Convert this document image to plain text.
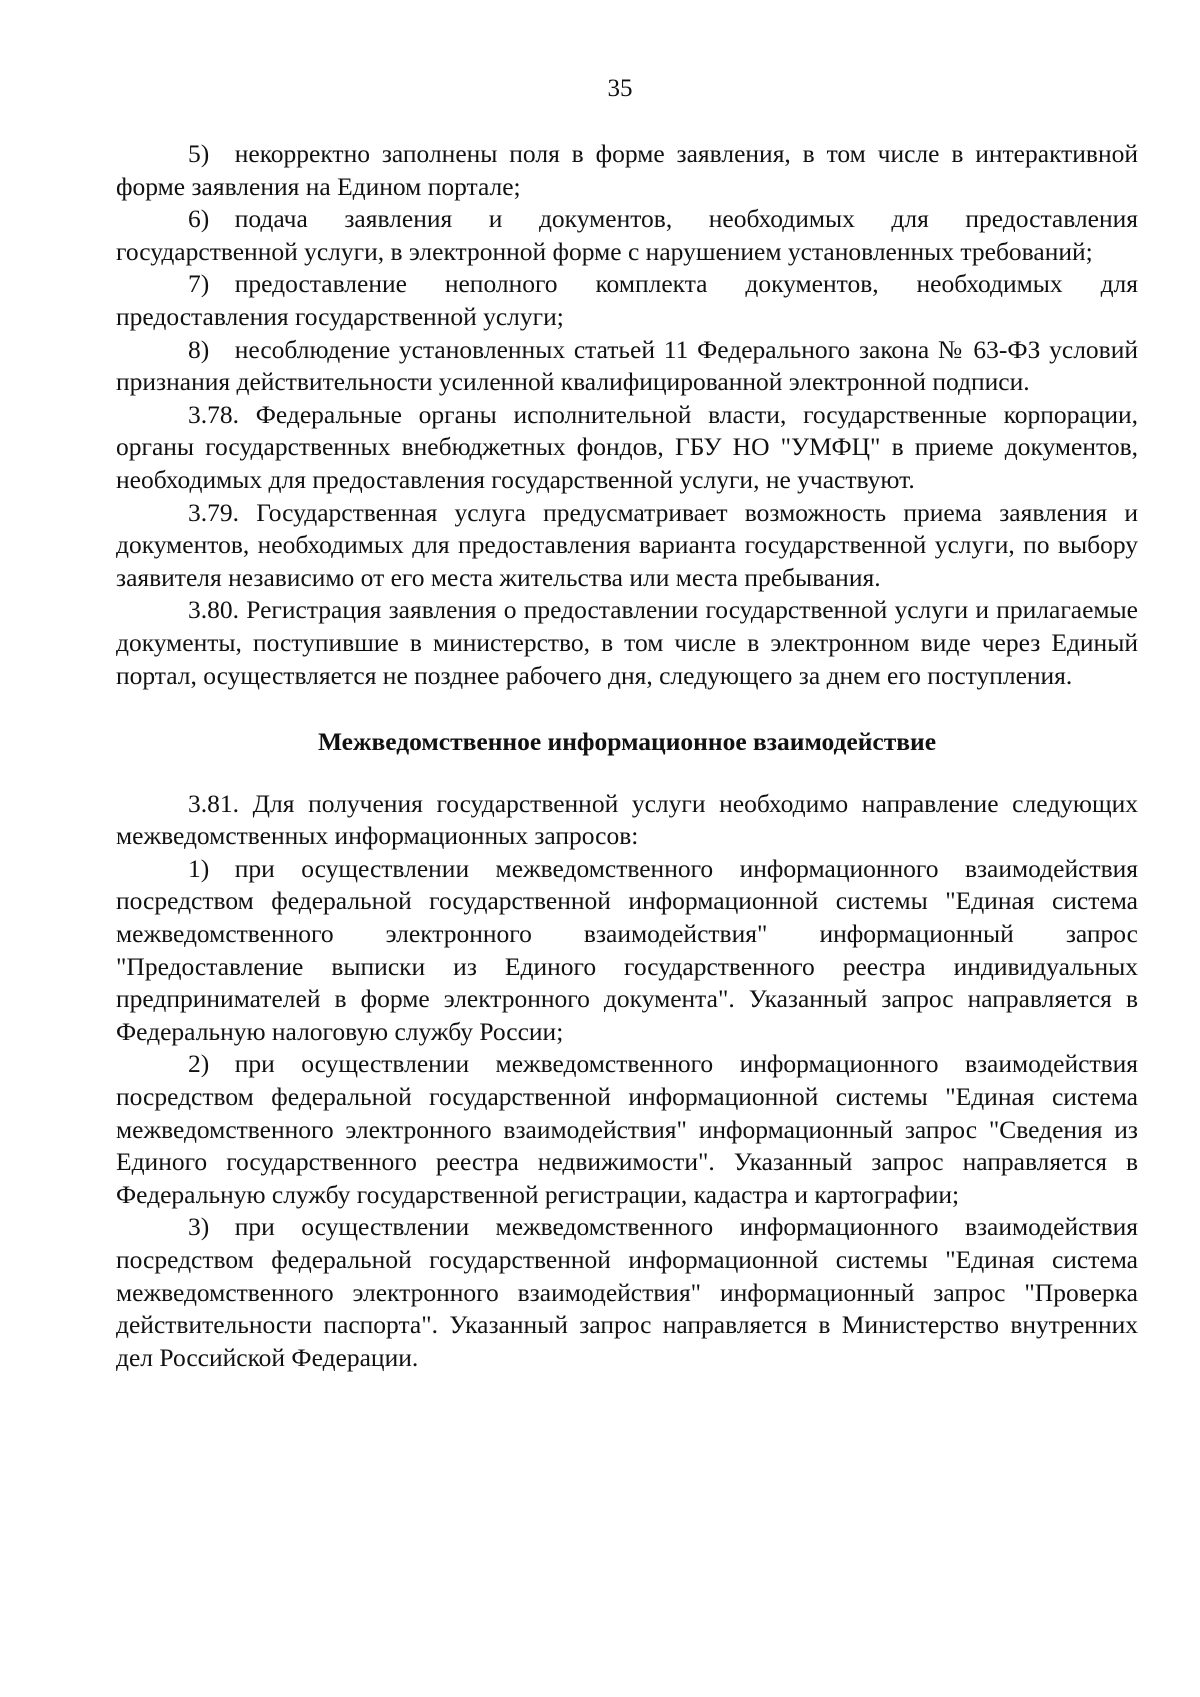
35

5) некорректно заполнены поля в форме заявления, в том числе в интерактивной форме заявления на Едином портале;

6) подача заявления и документов, необходимых для предоставления государственной услуги, в электронной форме с нарушением установленных требований;

7) предоставление неполного комплекта документов, необходимых для предоставления государственной услуги;

8) несоблюдение установленных статьей 11 Федерального закона № 63-ФЗ условий признания действительности усиленной квалифицированной электронной подписи.

3.78. Федеральные органы исполнительной власти, государственные корпорации, органы государственных внебюджетных фондов, ГБУ НО "УМФЦ" в приеме документов, необходимых для предоставления государственной услуги, не участвуют.

3.79. Государственная услуга предусматривает возможность приема заявления и документов, необходимых для предоставления варианта государственной услуги, по выбору заявителя независимо от его места жительства или места пребывания.

3.80. Регистрация заявления о предоставлении государственной услуги и прилагаемые документы, поступившие в министерство, в том числе в электронном виде через Единый портал, осуществляется не позднее рабочего дня, следующего за днем его поступления.

Межведомственное информационное взаимодействие

3.81. Для получения государственной услуги необходимо направление следующих межведомственных информационных запросов:

1) при осуществлении межведомственного информационного взаимодействия посредством федеральной государственной информационной системы "Единая система межведомственного электронного взаимодействия" информационный запрос "Предоставление выписки из Единого государственного реестра индивидуальных предпринимателей в форме электронного документа". Указанный запрос направляется в Федеральную налоговую службу России;

2) при осуществлении межведомственного информационного взаимодействия посредством федеральной государственной информационной системы "Единая система межведомственного электронного взаимодействия" информационный запрос "Сведения из Единого государственного реестра недвижимости". Указанный запрос направляется в Федеральную службу государственной регистрации, кадастра и картографии;

3) при осуществлении межведомственного информационного взаимодействия посредством федеральной государственной информационной системы "Единая система межведомственного электронного взаимодействия" информационный запрос "Проверка действительности паспорта". Указанный запрос направляется в Министерство внутренних дел Российской Федерации.
